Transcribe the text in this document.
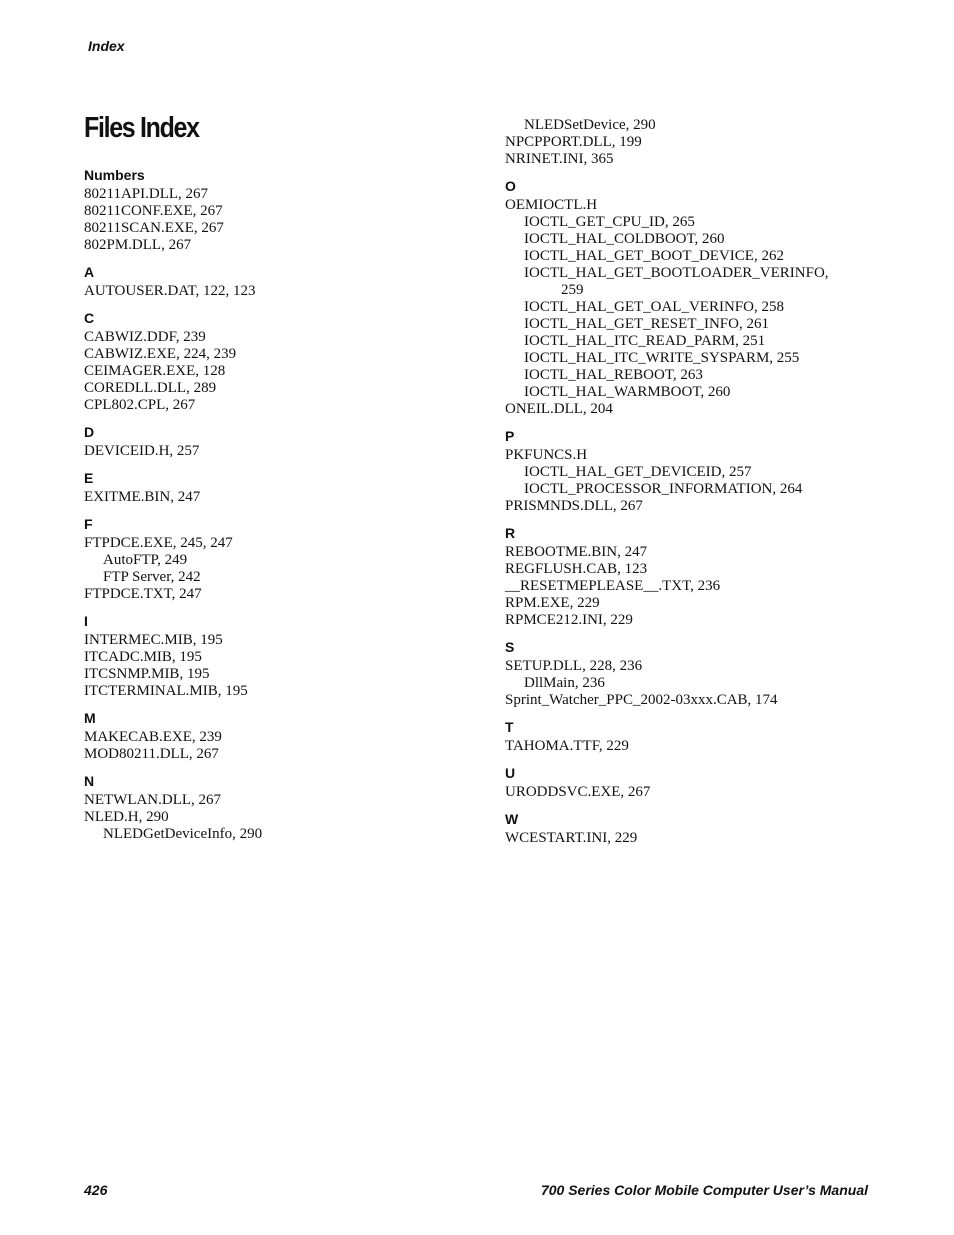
Index
Files Index
Numbers
80211API.DLL, 267
80211CONF.EXE, 267
80211SCAN.EXE, 267
802PM.DLL, 267
A
AUTOUSER.DAT, 122, 123
C
CABWIZ.DDF, 239
CABWIZ.EXE, 224, 239
CEIMAGER.EXE, 128
COREDLL.DLL, 289
CPL802.CPL, 267
D
DEVICEID.H, 257
E
EXITME.BIN, 247
F
FTPDCE.EXE, 245, 247
AutoFTP, 249
FTP Server, 242
FTPDCE.TXT, 247
I
INTERMEC.MIB, 195
ITCADC.MIB, 195
ITCSNMP.MIB, 195
ITCTERMINAL.MIB, 195
M
MAKECAB.EXE, 239
MOD80211.DLL, 267
N
NETWLAN.DLL, 267
NLED.H, 290
NLEDGetDeviceInfo, 290
NLEDSetDevice, 290
NPCPPORT.DLL, 199
NRINET.INI, 365
O
OEMIOCTL.H
IOCTL_GET_CPU_ID, 265
IOCTL_HAL_COLDBOOT, 260
IOCTL_HAL_GET_BOOT_DEVICE, 262
IOCTL_HAL_GET_BOOTLOADER_VERINFO,
259
IOCTL_HAL_GET_OAL_VERINFO, 258
IOCTL_HAL_GET_RESET_INFO, 261
IOCTL_HAL_ITC_READ_PARM, 251
IOCTL_HAL_ITC_WRITE_SYSPARM, 255
IOCTL_HAL_REBOOT, 263
IOCTL_HAL_WARMBOOT, 260
ONEIL.DLL, 204
P
PKFUNCS.H
IOCTL_HAL_GET_DEVICEID, 257
IOCTL_PROCESSOR_INFORMATION, 264
PRISMNDS.DLL, 267
R
REBOOTME.BIN, 247
REGFLUSH.CAB, 123
__RESETMEPLEASE__.TXT, 236
RPM.EXE, 229
RPMCE212.INI, 229
S
SETUP.DLL, 228, 236
DllMain, 236
Sprint_Watcher_PPC_2002-03xxx.CAB, 174
T
TAHOMA.TTF, 229
U
URODDSVC.EXE, 267
W
WCESTART.INI, 229
426	700 Series Color Mobile Computer User’s Manual
